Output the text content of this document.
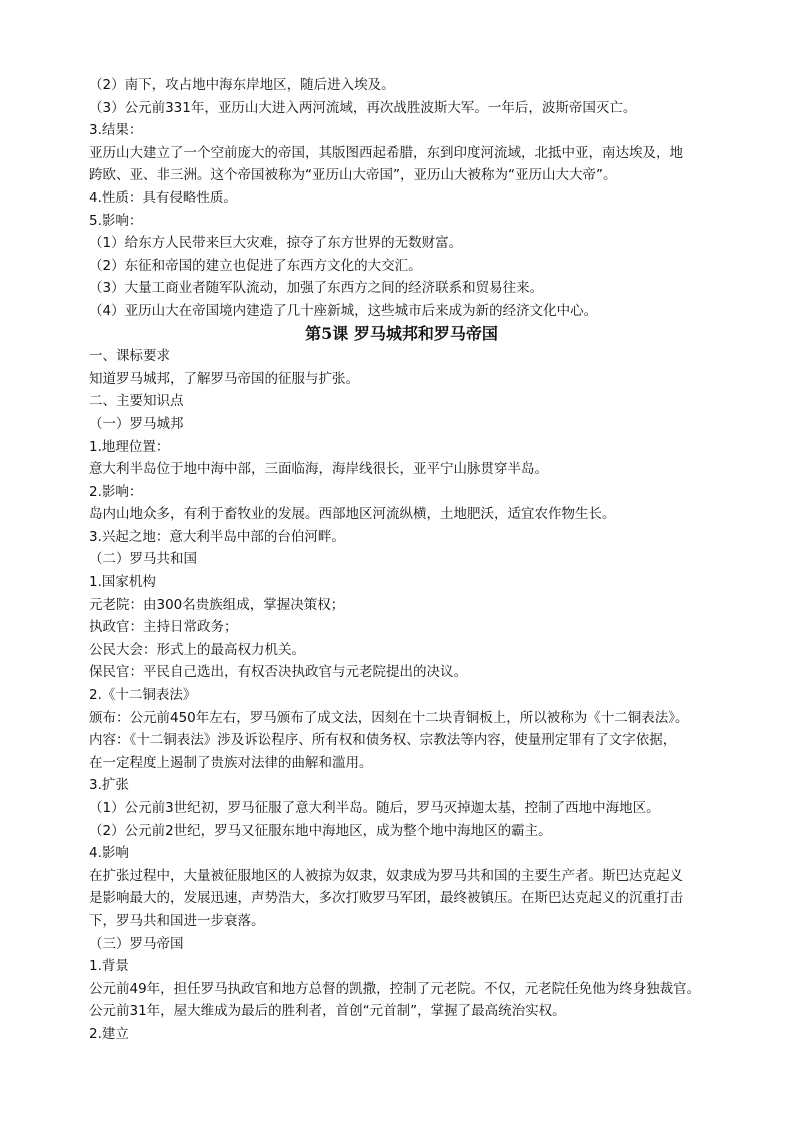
（2）南下，攻占地中海东岸地区，随后进入埃及。
（3）公元前331年，亚历山大进入两河流域，再次战胜波斯大军。一年后，波斯帝国灭亡。
3.结果：
亚历山大建立了一个空前庞大的帝国，其版图西起希腊，东到印度河流域，北抵中亚，南达埃及，地
跨欧、亚、非三洲。这个帝国被称为“亚历山大帝国”，亚历山大被称为“亚历山大大帝”。
4.性质：具有侵略性质。
5.影响：
（1）给东方人民带来巨大灾难，掠夺了东方世界的无数财富。
（2）东征和帝国的建立也促进了东西方文化的大交汇。
（3）大量工商业者随军队流动，加强了东西方之间的经济联系和贸易往来。
（4）亚历山大在帝国境内建造了几十座新城，这些城市后来成为新的经济文化中心。
第5课 罗马城邦和罗马帝国
一、课标要求
知道罗马城邦，了解罗马帝国的征服与扩张。
二、主要知识点
（一）罗马城邦
1.地理位置：
意大利半岛位于地中海中部，三面临海，海岸线很长，亚平宁山脉贯穿半岛。
2.影响：
岛内山地众多，有利于畜牧业的发展。西部地区河流纵横，土地肥沃，适宜农作物生长。
3.兴起之地：意大利半岛中部的台伯河畔。
（二）罗马共和国
1.国家机构
元老院：由300名贵族组成，掌握决策权；
执政官：主持日常政务；
公民大会：形式上的最高权力机关。
保民官：平民自己选出，有权否决执政官与元老院提出的决议。
2.《十二铜表法》
颁布：公元前450年左右，罗马颁布了成文法，因刻在十二块青铜板上，所以被称为《十二铜表法》。
内容：《十二铜表法》涉及诉讼程序、所有权和债务权、宗教法等内容，使量刑定罪有了文字依据，
在一定程度上遏制了贵族对法律的曲解和滥用。
3.扩张
（1）公元前3世纪初，罗马征服了意大利半岛。随后，罗马灭掉迦太基，控制了西地中海地区。
（2）公元前2世纪，罗马又征服东地中海地区，成为整个地中海地区的霸主。
4.影响
在扩张过程中，大量被征服地区的人被掠为奴隶，奴隶成为罗马共和国的主要生产者。斯巴达克起义
是影响最大的，发展迅速，声势浩大，多次打败罗马军团，最终被镇压。在斯巴达克起义的沉重打击
下，罗马共和国进一步衰落。
（三）罗马帝国
1.背景
公元前49年，担任罗马执政官和地方总督的凯撒，控制了元老院。不仅，元老院任免他为终身独裁官。
公元前31年，屋大维成为最后的胜利者，首创“元首制”，掌握了最高统治实权。
2.建立
